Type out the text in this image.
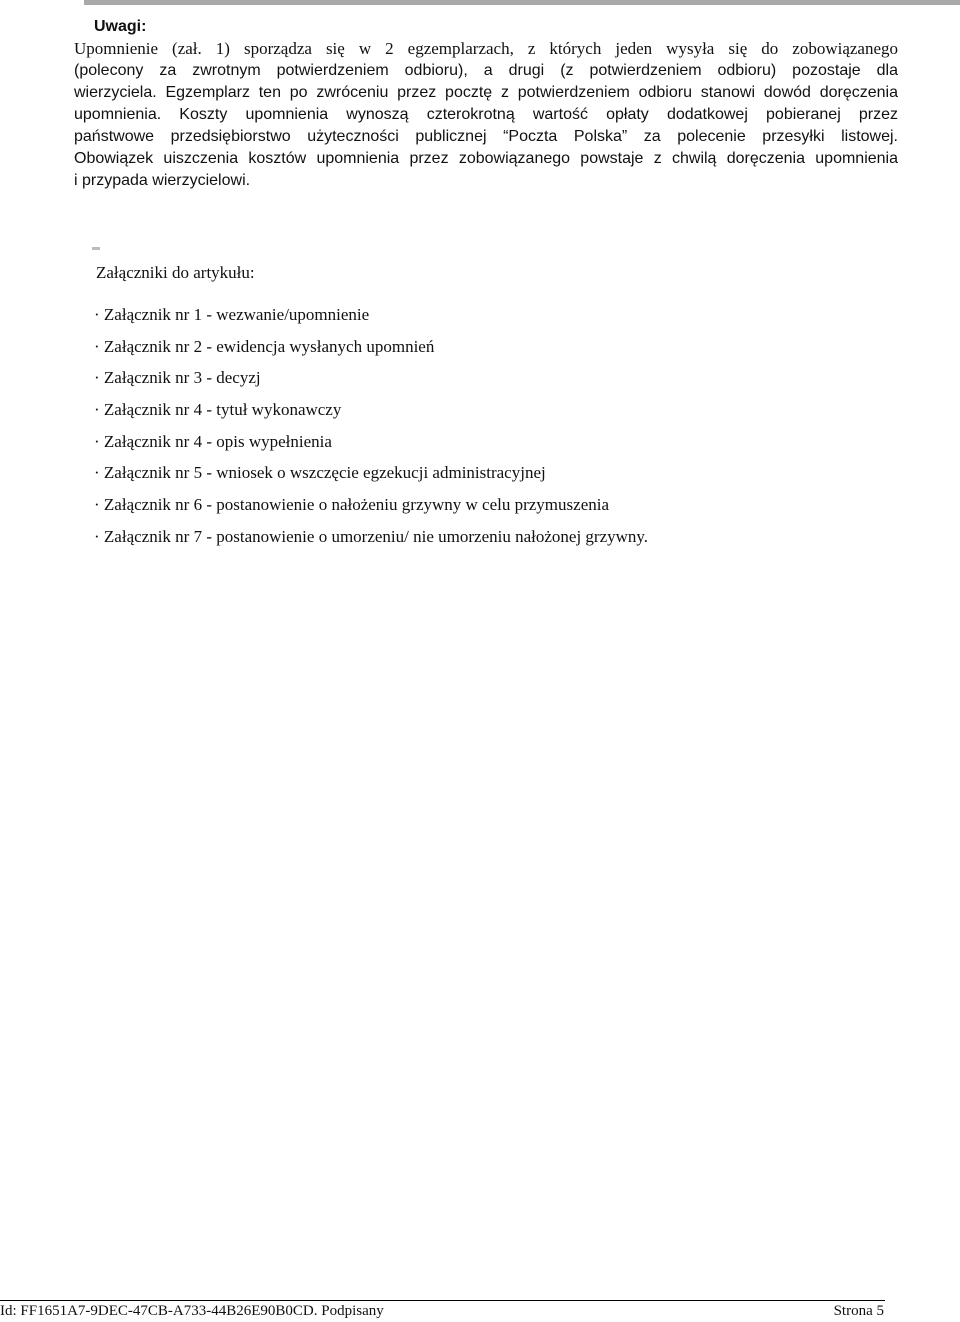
Uwagi:
Upomnienie (zał. 1) sporządza się w 2 egzemplarzach, z których jeden wysyła się do zobowiązanego
(polecony za zwrotnym potwierdzeniem odbioru), a drugi (z potwierdzeniem odbioru) pozostaje dla
wierzyciela. Egzemplarz ten po zwróceniu przez pocztę z potwierdzeniem odbioru stanowi dowód doręczenia
upomnienia. Koszty upomnienia wynoszą czterokrotną wartość opłaty dodatkowej pobieranej przez
państwowe przedsiębiorstwo użyteczności publicznej “Poczta Polska” za polecenie przesyłki listowej.
Obowiązek uiszczenia kosztów upomnienia przez zobowiązanego powstaje z chwilą doręczenia upomnienia
i przypada wierzycielowi.
Załączniki do artykułu:
· Załącznik nr 1 - wezwanie/upomnienie
· Załącznik nr 2 - ewidencja wysłanych upomnień
· Załącznik nr 3 - decyzj
· Załącznik nr 4 - tytuł wykonawczy
· Załącznik nr 4 - opis wypełnienia
· Załącznik nr 5 - wniosek o wszczęcie egzekucji administracyjnej
· Załącznik nr 6 - postanowienie o nałożeniu grzywny w celu przymuszenia
· Załącznik nr 7 - postanowienie o umorzeniu/ nie umorzeniu nałożonej grzywny.
Id: FF1651A7-9DEC-47CB-A733-44B26E90B0CD. Podpisany	Strona 5
